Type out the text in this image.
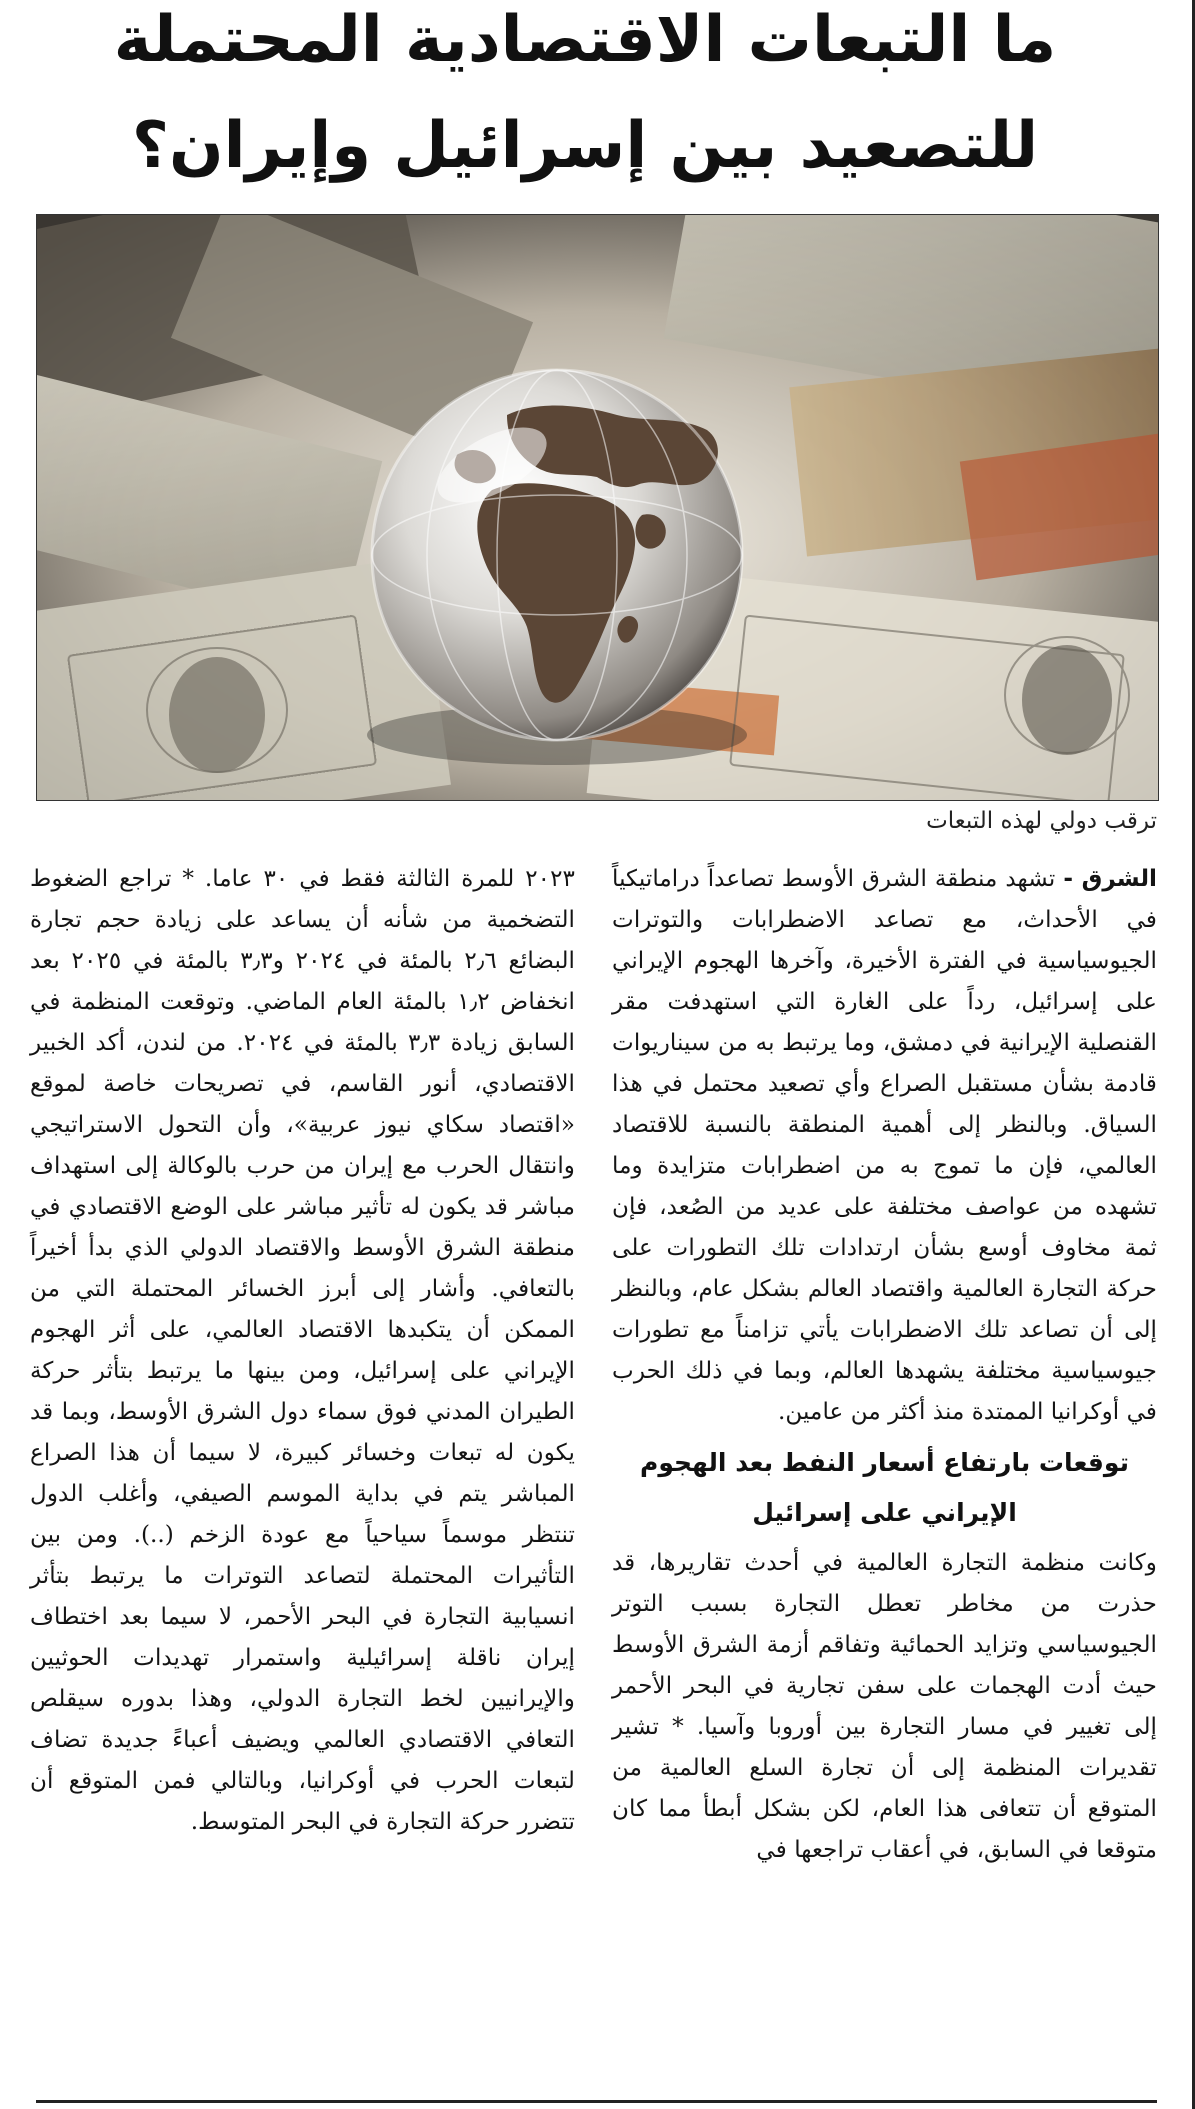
ما التبعات الاقتصادية المحتملة
للتصعيد بين إسرائيل وإيران؟

ترقب دولي لهذه التبعات

الشرق - تشهد منطقة الشرق الأوسط تصاعداً دراماتيكياً في الأحداث، مع تصاعد الاضطرابات والتوترات الجيوسياسية في الفترة الأخيرة، وآخرها الهجوم الإيراني على إسرائيل، رداً على الغارة التي استهدفت مقر القنصلية الإيرانية في دمشق، وما يرتبط به من سيناريوات قادمة بشأن مستقبل الصراع وأي تصعيد محتمل في هذا السياق. وبالنظر إلى أهمية المنطقة بالنسبة للاقتصاد العالمي، فإن ما تموج به من اضطرابات متزايدة وما تشهده من عواصف مختلفة على عديد من الصُعد، فإن ثمة مخاوف أوسع بشأن ارتدادات تلك التطورات على حركة التجارة العالمية واقتصاد العالم بشكل عام، وبالنظر إلى أن تصاعد تلك الاضطرابات يأتي تزامناً مع تطورات جيوسياسية مختلفة يشهدها العالم، وبما في ذلك الحرب في أوكرانيا الممتدة منذ أكثر من عامين.

توقعات بارتفاع أسعار النفط بعد الهجوم الإيراني على إسرائيل

وكانت منظمة التجارة العالمية في أحدث تقاريرها، قد حذرت من مخاطر تعطل التجارة بسبب التوتر الجيوسياسي وتزايد الحمائية وتفاقم أزمة الشرق الأوسط حيث أدت الهجمات على سفن تجارية في البحر الأحمر إلى تغيير في مسار التجارة بين أوروبا وآسيا. * تشير تقديرات المنظمة إلى أن تجارة السلع العالمية من المتوقع أن تتعافى هذا العام، لكن بشكل أبطأ مما كان متوقعا في السابق، في أعقاب تراجعها في

٢٠٢٣ للمرة الثالثة فقط في ٣٠ عاما. * تراجع الضغوط التضخمية من شأنه أن يساعد على زيادة حجم تجارة البضائع ٢٫٦ بالمئة في ٢٠٢٤ و٣٫٣ بالمئة في ٢٠٢٥ بعد انخفاض ١٫٢ بالمئة العام الماضي. وتوقعت المنظمة في السابق زيادة ٣٫٣ بالمئة في ٢٠٢٤. من لندن، أكد الخبير الاقتصادي، أنور القاسم، في تصريحات خاصة لموقع «اقتصاد سكاي نيوز عربية»، وأن التحول الاستراتيجي وانتقال الحرب مع إيران من حرب بالوكالة إلى استهداف مباشر قد يكون له تأثير مباشر على الوضع الاقتصادي في منطقة الشرق الأوسط والاقتصاد الدولي الذي بدأ أخيراً بالتعافي. وأشار إلى أبرز الخسائر المحتملة التي من الممكن أن يتكبدها الاقتصاد العالمي، على أثر الهجوم الإيراني على إسرائيل، ومن بينها ما يرتبط بتأثر حركة الطيران المدني فوق سماء دول الشرق الأوسط، وبما قد يكون له تبعات وخسائر كبيرة، لا سيما أن هذا الصراع المباشر يتم في بداية الموسم الصيفي، وأغلب الدول تنتظر موسماً سياحياً مع عودة الزخم (..). ومن بين التأثيرات المحتملة لتصاعد التوترات ما يرتبط بتأثر انسيابية التجارة في البحر الأحمر، لا سيما بعد اختطاف إيران ناقلة إسرائيلية واستمرار تهديدات الحوثيين والإيرانيين لخط التجارة الدولي، وهذا بدوره سيقلص التعافي الاقتصادي العالمي ويضيف أعباءً جديدة تضاف لتبعات الحرب في أوكرانيا، وبالتالي فمن المتوقع أن تتضرر حركة التجارة في البحر المتوسط.
